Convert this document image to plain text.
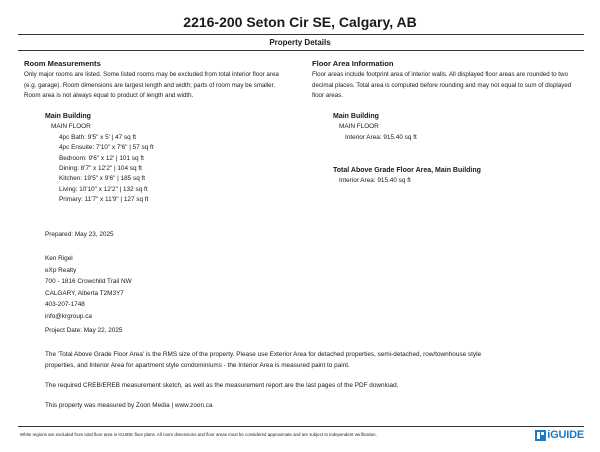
2216-200 Seton Cir SE, Calgary, AB
Property Details
Room Measurements
Only major rooms are listed. Some listed rooms may be excluded from total interior floor area
(e.g. garage). Room dimensions are largest length and width; parts of room may be smaller.
Room area is not always equal to product of length and width.
Main Building
MAIN FLOOR
4pc Bath: 9'5" x 5' | 47 sq ft
4pc Ensuite: 7'10" x 7'6" | 57 sq ft
Bedroom: 9'6" x 12' | 101 sq ft
Dining: 8'7" x 12'2" | 104 sq ft
Kitchen: 19'5" x 9'6" | 185 sq ft
Living: 10'10" x 12'2" | 132 sq ft
Primary: 11'7" x 11'9" | 127 sq ft
Floor Area Information
Floor areas include footprint area of interior walls. All displayed floor areas are rounded to two
decimal places. Total area is computed before rounding and may not equal to sum of displayed
floor areas.
Main Building
MAIN FLOOR
Interior Area: 915.40 sq ft
Total Above Grade Floor Area, Main Building
Interior Area: 915.40 sq ft
Prepared: May 23, 2025
Ken Rigel
eXp Realty
700 - 1816 Crowchild Trail NW
CALGARY, Alberta T2M3Y7
403-207-1748
info@krgroup.ca
Project Date: May 22, 2025

The 'Total Above Grade Floor Area' is the RMS size of the property. Please use Exterior Area for detached properties, semi-detached, row/townhouse style
properties, and Interior Area for apartment style condominiums - the Interior Area is measured paint to paint.

The required CREB/EREB measurement sketch, as well as the measurement report are the last pages of the PDF download.

This property was measured by Zoon Media | www.zoon.ca

White regions are excluded from total floor area in iGUIDE floor plans. All room dimensions and floor areas must be considered approximate and are subject to independent verification.	iGUIDE
